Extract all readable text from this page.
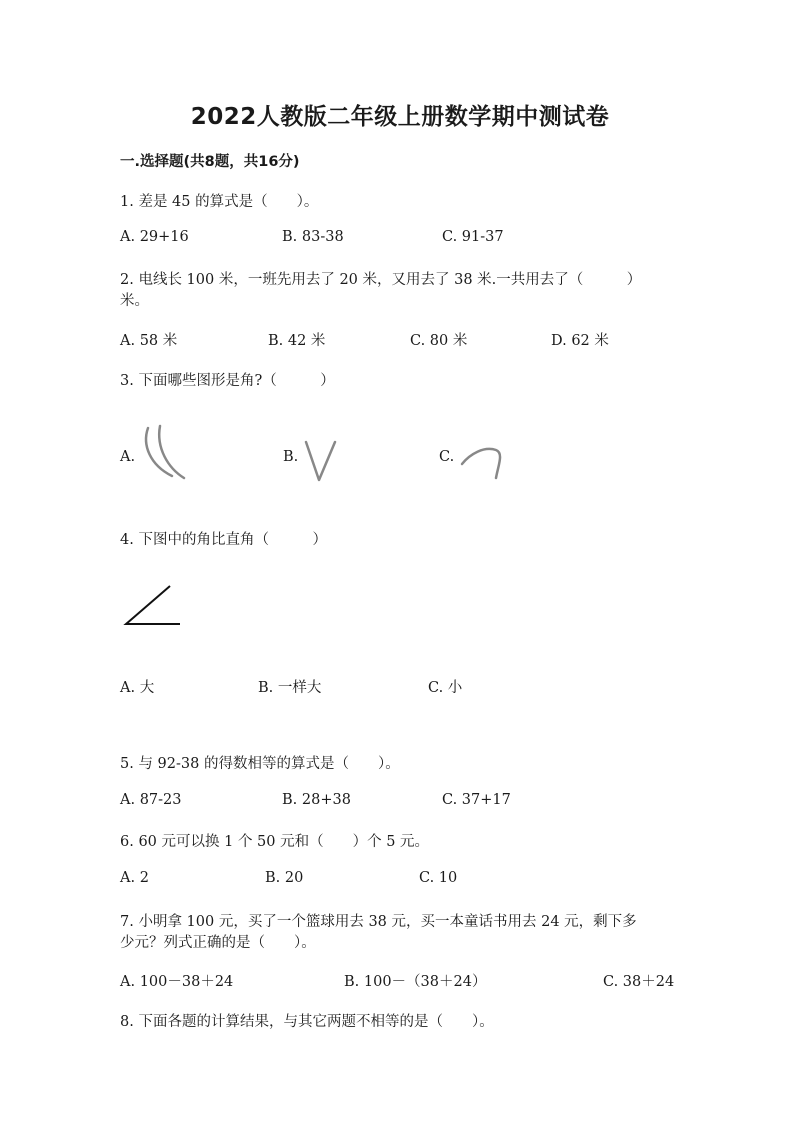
2022人教版二年级上册数学期中测试卷
一.选择题(共8题，共16分)
1. 差是 45 的算式是（　　）。
A. 29+16	B. 83-38	C. 91-37
2. 电线长 100 米，一班先用去了 20 米，又用去了 38 米.一共用去了（　　　）
米。
A. 58 米	B. 42 米	C. 80 米	D. 62 米
3. 下面哪些图形是角?（　　　）
A.	B.	C.
4. 下图中的角比直角（　　　）
A. 大	B. 一样大	C. 小
5. 与 92-38 的得数相等的算式是（　　）。
A. 87-23	B. 28+38	C. 37+17
6. 60 元可以换 1 个 50 元和（　　）个 5 元。
A. 2	B. 20	C. 10
7. 小明拿 100 元，买了一个篮球用去 38 元，买一本童话书用去 24 元，剩下多
少元？列式正确的是（　　）。
A. 100－38＋24	B. 100－（38＋24）	C. 38＋24
8. 下面各题的计算结果，与其它两题不相等的是（　　）。
